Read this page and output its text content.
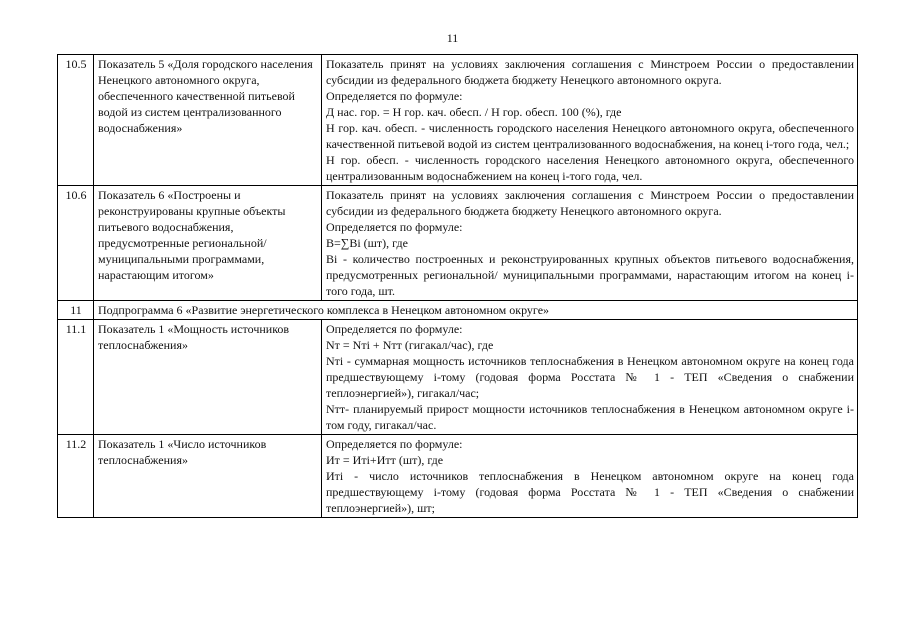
11
10.5	Показатель 5 «Доля городского населения Ненецкого автономного округа, обеспеченного качественной питьевой водой из систем централизованного водоснабжения»	Показатель принят на условиях заключения соглашения с Минстроем России о предоставлении субсидии из федерального бюджета бюджету Ненецкого автономного округа.
Определяется по формуле:
Д нас. гор. = Н гор. кач. обесп. / Н гор. обесп. 100 (%), где
Н гор. кач. обесп. - численность городского населения Ненецкого автономного округа, обеспеченного качественной питьевой водой из систем централизованного водоснабжения, на конец i-того года, чел.;
Н гор. обесп. - численность городского населения Ненецкого автономного округа, обеспеченного централизованным водоснабжением на конец i-того года, чел.

10.6	Показатель 6 «Построены и реконструированы крупные объекты питьевого водоснабжения, предусмотренные региональной/ муниципальными программами, нарастающим итогом»	Показатель принят на условиях заключения соглашения с Минстроем России о предоставлении субсидии из федерального бюджета бюджету Ненецкого автономного округа.
Определяется по формуле:
B=∑Bi (шт), где
Bi - количество построенных и реконструированных крупных объектов питьевого водоснабжения, предусмотренных региональной/ муниципальными программами, нарастающим итогом на конец i-того года, шт.

11	Подпрограмма 6 «Развитие энергетического комплекса в Ненецком автономном округе»	
11.1	Показатель 1 «Мощность источников теплоснабжения»	Определяется по формуле:
Nт = Nтi + Nтт (гигакал/час), где
Nтi - суммарная мощность источников теплоснабжения в Ненецком автономном округе на конец года предшествующему i-тому (годовая форма Росстата № 1 - ТЕП «Сведения о снабжении теплоэнергией»), гигакал/час;
Nтт- планируемый прирост мощности источников теплоснабжения в Ненецком автономном округе i-том году, гигакал/час.

11.2	Показатель 1 «Число источников теплоснабжения»	Определяется по формуле:
Ит = Итi+Итт (шт), где
Итi - число источников теплоснабжения в Ненецком автономном округе на конец года предшествующему i-тому (годовая форма Росстата № 1 - ТЕП «Сведения о снабжении теплоэнергией»), шт;
